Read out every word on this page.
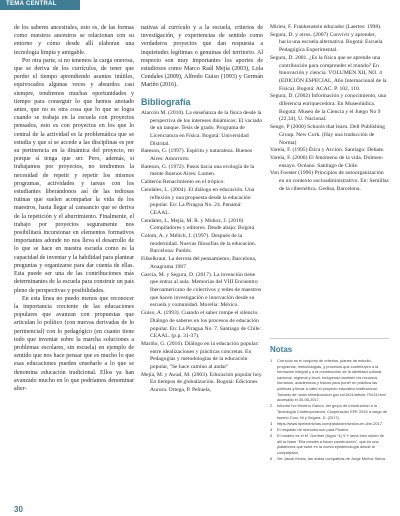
TEMA CENTRAL

de los saberes ancestrales, esto es, de las formas como nuestros ancestros se relacionan con su entorno y cómo desde allí elaboran una tecnología limpia y amigable.

Por otra parte, si no tenemos la carga onerosa, que se deriva de los currículos, de tener que perder el tiempo aprendiendo asuntos inútiles, equivocados algunas veces y absurdos casi siempre, tendremos muchas oportunidades y tiempo para conseguir lo que hemos anotado antes, que no es otra cosa que lo que se logra cuando se trabaja en la escuela con proyectos pensados, esto es con proyectos en los que lo central de la actividad es la problemática que se estudia y que sí se accede a las disciplinas es por su pertinencia en la dinámica del proyecto, no porque sí tenga que ser. Pero, además, si trabajamos por proyectos, no tendremos la necesidad de repetir y repetir los mismos programas, actividades y tareas con los estudiantes liberándonos así de las tediosas rutinas que suelen acompañar la vida de los maestros, hasta llegar al cansancio que se deriva de la repetición y el aburrimiento. Finalmente, el trabajo por proyectos seguramente nos posibilitará incursionar en elementos formativos importantes adonde no nos lleva el desarrollo de lo que se hace en nuestra escuela como es la capacidad de inventar y la habilidad para plantear preguntas y organizarse para dar cuenta de ellas. Esta puede ser una de las contribuciones más determinantes de la escuela para construir un país pleno de perspectivas y posibilidades.

En esta línea no puedo menos que reconocer la importancia creciente de las educaciones populares que avanzan con propuestas que articulan lo político (con nuevas derivadas de lo pertinencial) con lo pedagógico (en cuanto tiene todo que inventar sobre la marcha soluciones a problemas escolares, sin escuela) en ejemplo de sentido que nos hace pensar que es mucho lo que esas educaciones pueden enseñarle a lo que se denomina educación tradicional. Ellos ya han avanzado mucho en lo que podríamos denominar alter-

nativas al currículo y a la escuela, criterios de investigación, y experiencias de sentido como verdaderos proyectos que dan respuesta a inquietudes legítimas o genuinas del territorio. Al respecto son muy importantes los aportes de estudiosos como Marco Raúl Mejía (2003), Lola Cendales (2009), Alfredo Guiso (1993) y Germán Mariño (2016).

Bibliografía

Alarcón M. (2010). La enseñanza de la física desde la perspectiva de los intereses dinámicos: El vaciado de un tanque. Tesis de grado. Programa de Licenciatura en Física. Bogotá: Universidad Distrital.

Bateson, G. (1997). Espíritu y naturaleza. Buenos Aires: Amorrortu

Bateson, G. (1972). Pasos hacia una ecología de la mente Buenos Aires: Lumen.

Calderón Renacimiento en el trópico.

Cendales, L. (2004). El diálogo en educación. Una reflexión y una propuesta desde la educación popular. En: La Piragua No. 24. Panamá: CEAAL.

Cendales, L, Mejía, M. R. y Muñoz, J. (2016) Compiladores y editores. Desde abajo: Bogotá

Colom, A. y Mélich, J. (1997). Después de la modernidad. Nuevas filosofías de la educación. Barcelona: Paidós.

Filkelkraut. La derrota del pensamiento, Barcelona, Anagrama 1987

García, M. y Segura, D. (2017). La invención tiene que entrar al aula. Memorias del VIII Encuentro Iberoamericano de colectivos y redes de maestros que hacen investigación e innovación desde su escuela y comunidad. Morelia: México.

Guiso, A. (1993). Cuando el saber rompe el silencio. Diálogo de saberes en los procesos de educación popular. En: La Piragua No. 7. Santiago de Chile: CEAAL. (p.p. 31-37).

Mariño, G. (2016). Diálogo en la educación popular: entre idealizaciones y prácticas concretas. En Pedagogías y metodologías de la educación popular, "Se hace camino al andar"

Mejía, M. y Awad, M. (2003). Educación popular hoy. En tiempos de globalización. Bogotá: Ediciones Aurora. Ortega, P. Peñuela,

Mirieu, F. Frankenstein educador (Laertes: 1998).

Segura, D. y otros. (2007) Convivir y aprender, hacia una escuela alternativa. Bogotá: Escuela Pedagógica Experimental.

Segura, D. 2001. ¿Es la física que se aprende una contribución para comprender el mundo? En Innovación y ciencia. VOLUMEN XII, NO. 4 (EDICIÓN ESPECIAL, Año Internacional de la Física). Bogotá: ACAC. P. 102, 110.

Segura, D. (2002) Información y conocimiento, una diferencia enriquecedora. En Museolúdica. Bogotá: Museo de la Ciencia y el Juego No 9 (22,34), U. Nacional.

Senge, P (2000) Schools that learn. Dell Publishing Group. New Cork. (Hay una traducción de Norma)

Varela, F. (1995) Ética y Acción. Santiago: Debate.

Varela, F. (2000) El fenómeno de la vida. Dolmen-ensayo. Océano. Santiago de Chile.

Von Foester (1996) Principios de autoorganización en un contexto socioadministrativo. En: Semillas de la cibernética. Gedisa, Barcelona.

Notas
1	Currículo es el conjunto de criterios, planes de estudio, programas, metodologías, y procesos que contribuyen a la formación integral y a la construcción de la identidad cultural nacional, regional y local, incluyendo también los recursos humanos, académicos y físicos para poner en práctica las políticas y llevar a cabo el proyecto educativo institucional. Tomado de: www.mineducacion.gov.co/1621/article-79413.html accesado el 30-06-2017.
2	Informe Ivo Moreno García, del grupo de Introducción a la Tecnología Contemporánea, Cooperación EPE 2016 a cargo de Isnerio Cruz, Ni y Segura, D. (2017).
3	https://www.ripelectrichas.com/platanore/sesion-en-line-2017.
4	El respaldo de menores son para Pizarra.
5	El modelo es el M. Gordner (signo *1) 9 Y sería bien suben de allí la Nase "Ella mestes a hacer construcción", que es una plataforma que sube en la nueva epistemología desde la complejidad.
6	Ver Jacob Muniz, las malas compañías de Jorge Muñoz Sierra.
30
